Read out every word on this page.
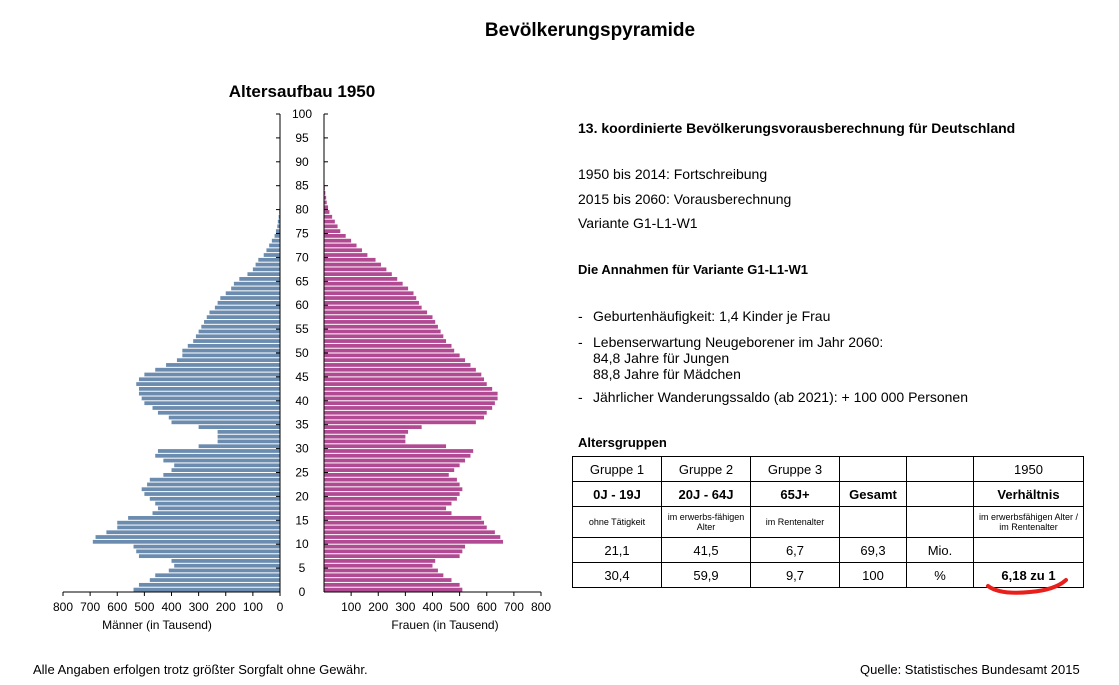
Bevölkerungspyramide
Altersaufbau 1950
0
5
10
15
20
25
30
35
40
45
50
55
60
65
70
75
80
85
90
95
100
800 700 600 500 400 300 200 100 0	100 200 300 400 500 600 700 800
Männer (in Tausend)	Frauen (in Tausend)
13. koordinierte Bevölkerungsvorausberechnung für Deutschland
1950 bis 2014: Fortschreibung
2015 bis 2060: Vorausberechnung
Variante G1-L1-W1
Die Annahmen für Variante G1-L1-W1
- Geburtenhäufigkeit: 1,4 Kinder je Frau
- Lebenserwartung Neugeborener im Jahr 2060:
84,8 Jahre für Jungen
88,8 Jahre für Mädchen
- Jährlicher Wanderungssaldo (ab 2021): + 100 000 Personen
Altersgruppen
Gruppe 1	Gruppe 2	Gruppe 3			1950
0J - 19J	20J - 64J	65J+	Gesamt		Verhältnis
ohne Tätigkeit	im erwerbs-fähigen Alter	im Rentenalter			im erwerbsfähigen Alter / im Rentenalter
21,1	41,5	6,7	69,3	Mio.	
30,4	59,9	9,7	100	%	6,18 zu 1
Alle Angaben erfolgen trotz größter Sorgfalt ohne Gewähr.	Quelle: Statistisches Bundesamt 2015
